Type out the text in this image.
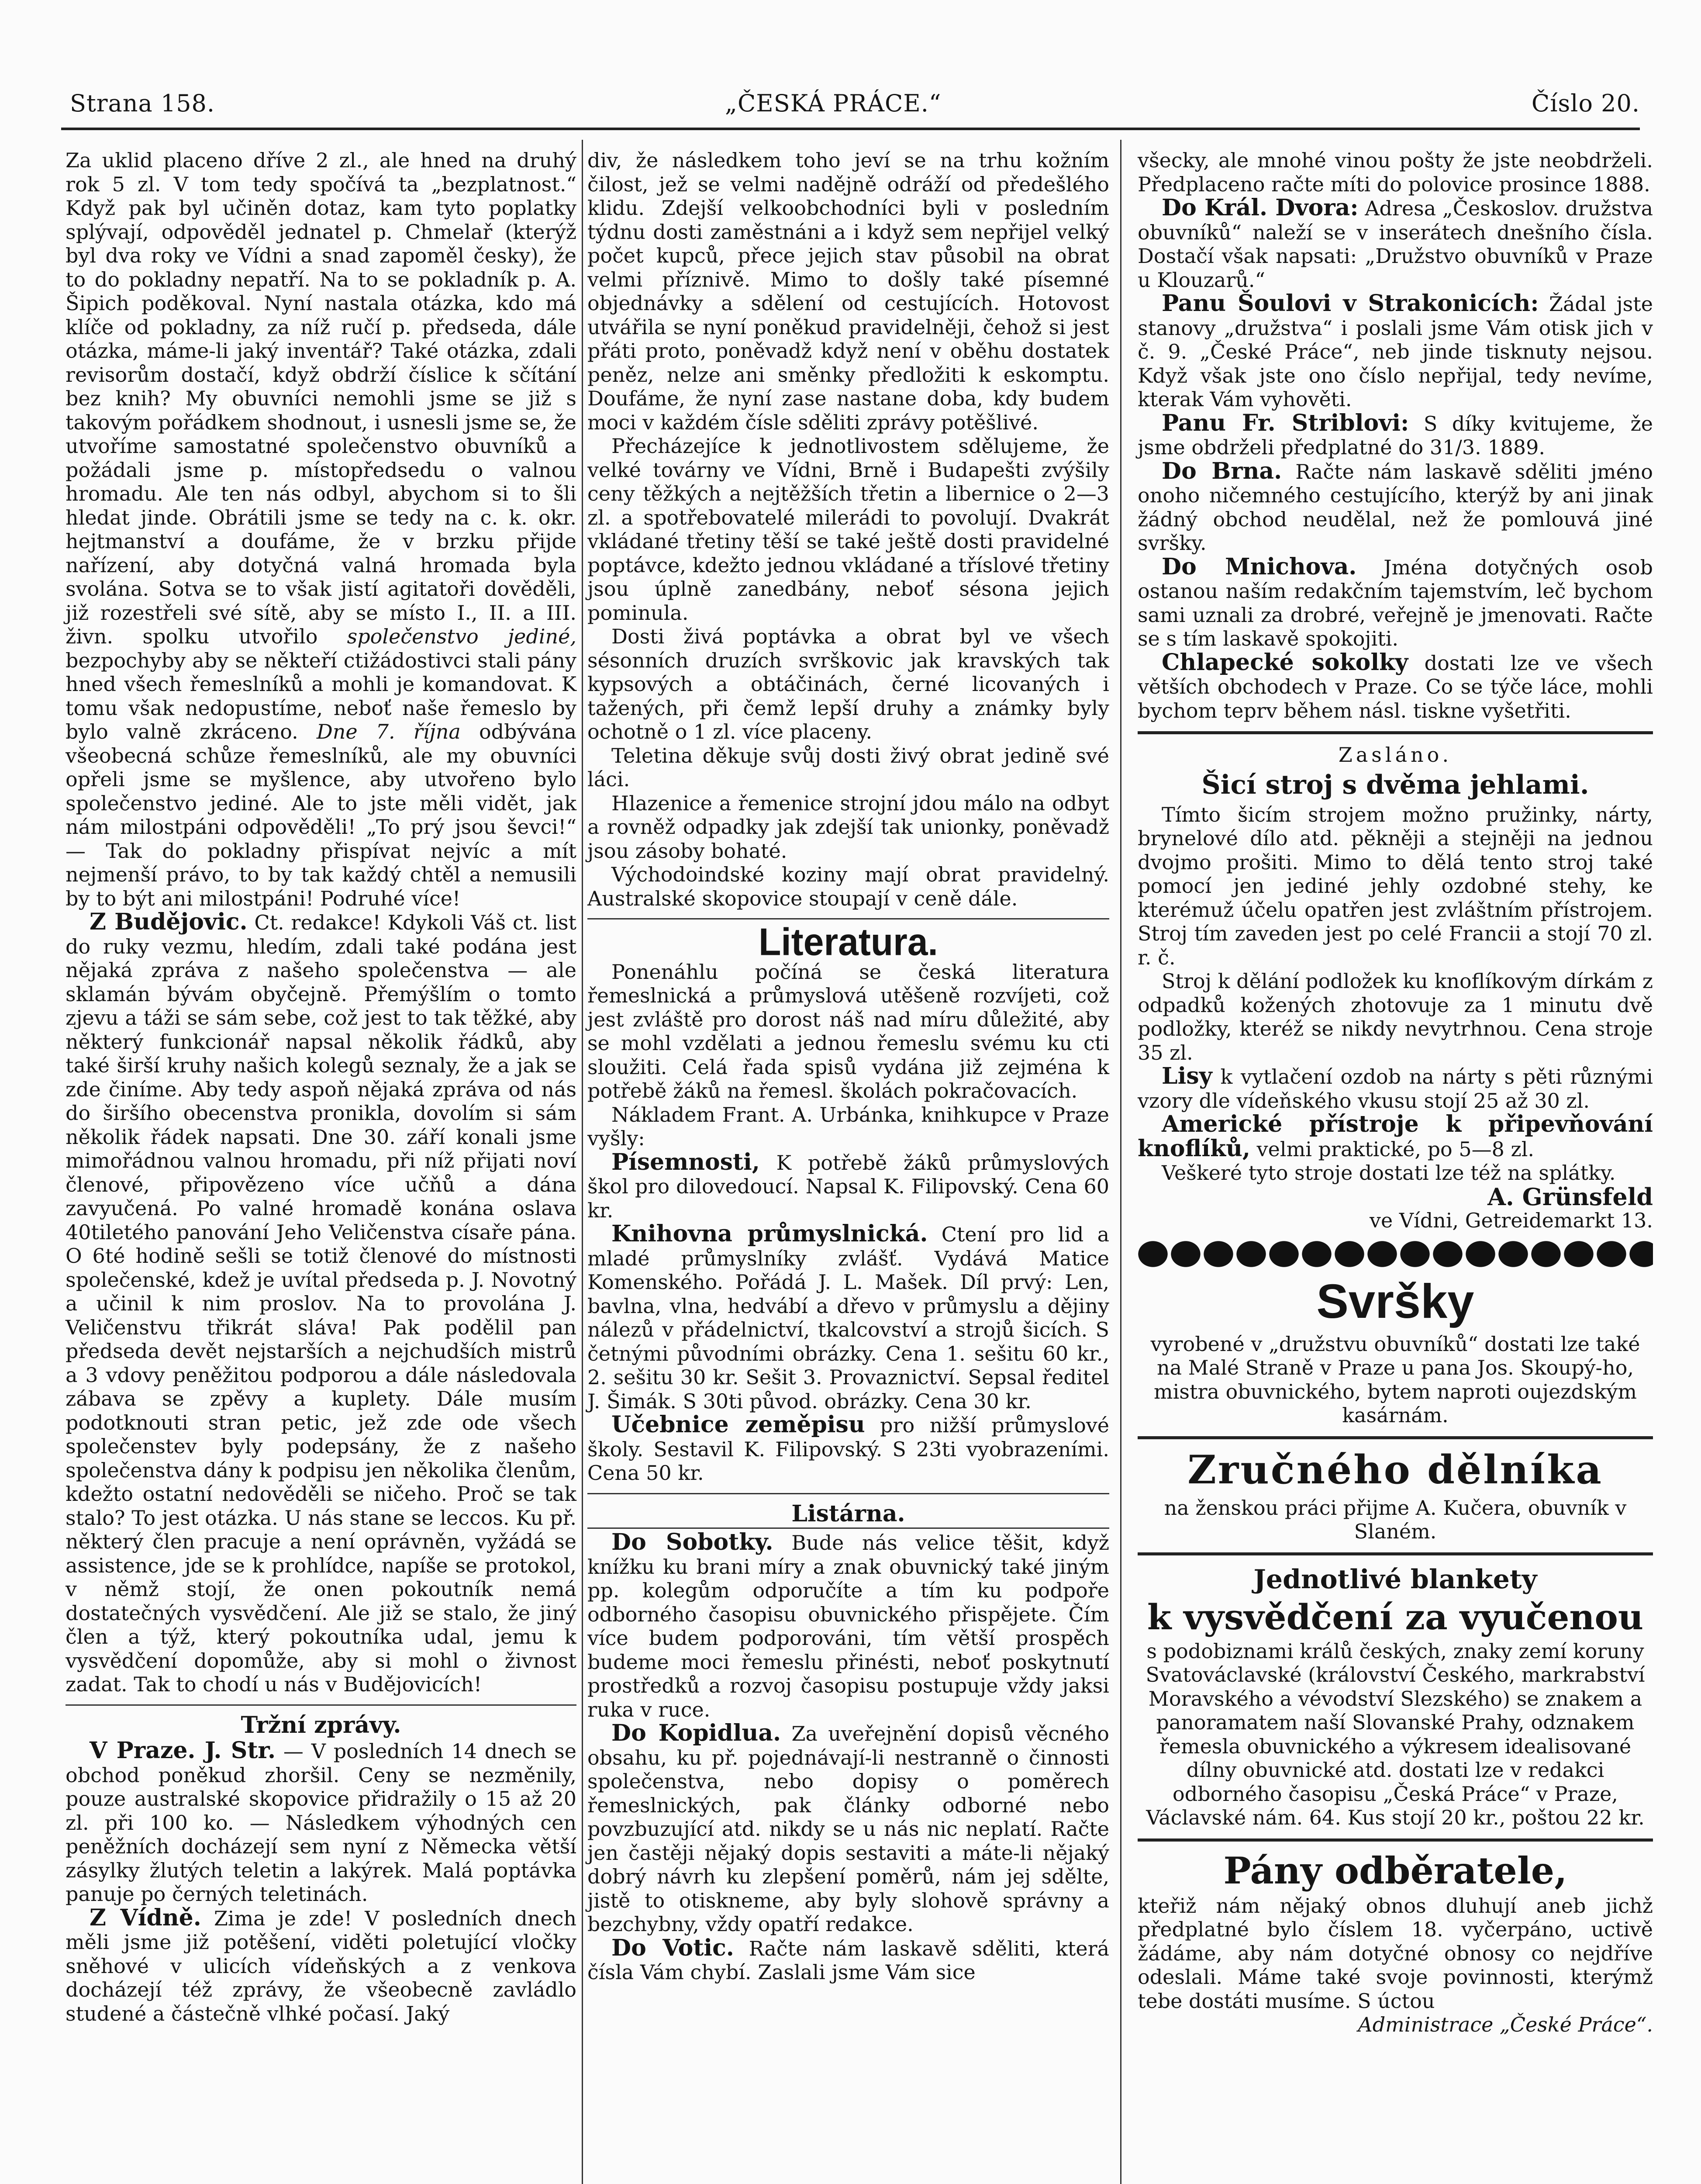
Strana 158.	„ČESKÁ PRÁCE.“	Číslo 20.

Za uklid placeno dříve 2 zl., ale hned na druhý rok 5 zl. V tom tedy spočívá ta „bezplatnost.“ Když pak byl učiněn dotaz, kam tyto poplatky splývají, odpověděl jednatel p. Chmelař (kterýž byl dva roky ve Vídni a snad zapoměl česky), že to do pokladny nepatří. Na to se pokladník p. A. Šipich poděkoval. Nyní nastala otázka, kdo má klíče od pokladny, za níž ručí p. předseda, dále otázka, máme-li jaký inventář? Také otázka, zdali revisorům dostačí, když obdrží číslice k sčítání bez knih? My obuvníci nemohli jsme se již s takovým pořádkem shodnout, i usnesli jsme se, že utvoříme samostatné společenstvo obuvníků a požádali jsme p. místopředsedu o valnou hromadu. Ale ten nás odbyl, abychom si to šli hledat jinde. Obrátili jsme se tedy na c. k. okr. hejtmanství a doufáme, že v brzku přijde nařízení, aby dotyčná valná hromada byla svolána. Sotva se to však jistí agitatoři dověděli, již rozestřeli své sítě, aby se místo I., II. a III. živn. spolku utvořilo společenstvo jediné, bezpochyby aby se někteří ctižádostivci stali pány hned všech řemeslníků a mohli je komandovat. K tomu však nedopustíme, neboť naše řemeslo by bylo valně zkráceno. Dne 7. října odbývána všeobecná schůze řemeslníků, ale my obuvníci opřeli jsme se myšlence, aby utvořeno bylo společenstvo jediné. Ale to jste měli vidět, jak nám milostpáni odpověděli! „To prý jsou ševci!“ — Tak do pokladny přispívat nejvíc a mít nejmenší právo, to by tak každý chtěl a nemusili by to být ani milostpáni! Podruhé více!

Z Budějovic. Ct. redakce! Kdykoli Váš ct. list do ruky vezmu, hledím, zdali také podána jest nějaká zpráva z našeho společenstva — ale sklamán bývám obyčejně. Přemýšlím o tomto zjevu a táži se sám sebe, což jest to tak těžké, aby některý funkcionář napsal několik řádků, aby také širší kruhy našich kolegů seznaly, že a jak se zde činíme. Aby tedy aspoň nějaká zpráva od nás do širšího obecenstva pronikla, dovolím si sám několik řádek napsati. Dne 30. září konali jsme mimořádnou valnou hromadu, při níž přijati noví členové, připovězeno více učňů a dána zavyučená. Po valné hromadě konána oslava 40tiletého panování Jeho Veličenstva císaře pána. O 6té hodině sešli se totiž členové do místnosti společenské, kdež je uvítal předseda p. J. Novotný a učinil k nim proslov. Na to provolána J. Veličenstvu třikrát sláva! Pak podělil pan předseda devět nejstarších a nejchudších mistrů a 3 vdovy peněžitou podporou a dále následovala zábava se zpěvy a kuplety. Dále musím podotknouti stran petic, jež zde ode všech společenstev byly podepsány, že z našeho společenstva dány k podpisu jen několika členům, kdežto ostatní nedověděli se ničeho. Proč se tak stalo? To jest otázka. U nás stane se leccos. Ku př. některý člen pracuje a není oprávněn, vyžádá se assistence, jde se k prohlídce, napíše se protokol, v němž stojí, že onen pokoutník nemá dostatečných vysvědčení. Ale již se stalo, že jiný člen a týž, který pokoutníka udal, jemu k vysvědčení dopomůže, aby si mohl o živnost zadat. Tak to chodí u nás v Budějovicích!

Tržní zprávy.

V Praze. J. Str. — V posledních 14 dnech se obchod poněkud zhoršil. Ceny se nezměnily, pouze australské skopovice přidražily o 15 až 20 zl. při 100 ko. — Následkem výhodných cen peněžních docházejí sem nyní z Německa větší zásylky žlutých teletin a lakýrek. Malá poptávka panuje po černých teletinách.

Z Vídně. Zima je zde! V posledních dnech měli jsme již potěšení, viděti poletující vločky sněhové v ulicích vídeňských a z venkova docházejí též zprávy, že všeobecně zavládlo studené a částečně vlhké počasí. Jaký

div, že následkem toho jeví se na trhu kožním čilost, jež se velmi nadějně odráží od předešlého klidu. Zdejší velkoobchodníci byli v posledním týdnu dosti zaměstnáni a i když sem nepřijel velký počet kupců, přece jejich stav působil na obrat velmi příznivě. Mimo to došly také písemné objednávky a sdělení od cestujících. Hotovost utvářila se nyní poněkud pravidelněji, čehož si jest přáti proto, poněvadž když není v oběhu dostatek peněz, nelze ani směnky předložiti k eskomptu. Doufáme, že nyní zase nastane doba, kdy budem moci v každém čísle sděliti zprávy potěšlivé.

Přecházejíce k jednotlivostem sdělujeme, že velké továrny ve Vídni, Brně i Budapešti zvýšily ceny těžkých a nejtěžších třetin a libernice o 2—3 zl. a spotřebovatelé milerádi to povolují. Dvakrát vkládané třetiny těší se také ještě dosti pravidelné poptávce, kdežto jednou vkládané a tříslové třetiny jsou úplně zanedbány, neboť sésona jejich pominula.

Dosti živá poptávka a obrat byl ve všech sésonních druzích svrškovic jak kravských tak kypsových a obtáčinách, černé licovaných i tažených, při čemž lepší druhy a známky byly ochotně o 1 zl. více placeny.

Teletina děkuje svůj dosti živý obrat jedině své láci.

Hlazenice a řemenice strojní jdou málo na odbyt a rovněž odpadky jak zdejší tak unionky, poněvadž jsou zásoby bohaté.

Východoindské koziny mají obrat pravidelný. Australské skopovice stoupají v ceně dále.

Literatura.

Ponenáhlu počíná se česká literatura řemeslnická a průmyslová utěšeně rozvíjeti, což jest zvláště pro dorost náš nad míru důležité, aby se mohl vzdělati a jednou řemeslu svému ku cti sloužiti. Celá řada spisů vydána již zejména k potřebě žáků na řemesl. školách pokračovacích.

Nákladem Frant. A. Urbánka, knihkupce v Praze vyšly:

Písemnosti, K potřebě žáků průmyslových škol pro dilovedoucí. Napsal K. Filipovský. Cena 60 kr.

Knihovna průmyslnická. Ctení pro lid a mladé průmyslníky zvlášť. Vydává Matice Komenského. Pořádá J. L. Mašek. Díl prvý: Len, bavlna, vlna, hedvábí a dřevo v průmyslu a dějiny nálezů v přádelnictví, tkalcovství a strojů šicích. S četnými původními obrázky. Cena 1. sešitu 60 kr., 2. sešitu 30 kr. Sešit 3. Provaznictví. Sepsal ředitel J. Šimák. S 30ti původ. obrázky. Cena 30 kr.

Učebnice zeměpisu pro nižší průmyslové školy. Sestavil K. Filipovský. S 23ti vyobrazeními. Cena 50 kr.

Listárna.

Do Sobotky. Bude nás velice těšit, když knížku ku brani míry a znak obuvnický také jiným pp. kolegům odporučíte a tím ku podpoře odborného časopisu obuvnického přispějete. Čím více budem podporováni, tím větší prospěch budeme moci řemeslu přinésti, neboť poskytnutí prostředků a rozvoj časopisu postupuje vždy jaksi ruka v ruce.

Do Kopidlua. Za uveřejnění dopisů věcného obsahu, ku př. pojednávají-li nestranně o činnosti společenstva, nebo dopisy o poměrech řemeslnických, pak články odborné nebo povzbuzující atd. nikdy se u nás nic neplatí. Račte jen častěji nějaký dopis sestaviti a máte-li nějaký dobrý návrh ku zlepšení poměrů, nám jej sdělte, jistě to otiskneme, aby byly slohově správny a bezchybny, vždy opatří redakce.

Do Votic. Račte nám laskavě sděliti, která čísla Vám chybí. Zaslali jsme Vám sice

všecky, ale mnohé vinou pošty že jste neobdrželi. Předplaceno račte míti do polovice prosince 1888.

Do Král. Dvora: Adresa „Českoslov. družstva obuvníků“ naleží se v inserátech dnešního čísla. Dostačí však napsati: „Družstvo obuvníků v Praze u Klouzarů.“

Panu Šoulovi v Strakonicích: Žádal jste stanovy „družstva“ i poslali jsme Vám otisk jich v č. 9. „České Práce“, neb jinde tisknuty nejsou. Když však jste ono číslo nepřijal, tedy nevíme, kterak Vám vyhověti.

Panu Fr. Striblovi: S díky kvitujeme, že jsme obdrželi předplatné do 31/3. 1889.

Do Brna. Račte nám laskavě sděliti jméno onoho ničemného cestujícího, kterýž by ani jinak žádný obchod neudělal, než že pomlouvá jiné svršky.

Do Mnichova. Jména dotyčných osob ostanou naším redakčním tajemstvím, leč bychom sami uznali za drobré, veřejně je jmenovati. Račte se s tím laskavě spokojiti.

Chlapecké sokolky dostati lze ve všech větších obchodech v Praze. Co se týče láce, mohli bychom teprv během násl. tiskne vyšetřiti.

Zasláno.
Šicí stroj s dvěma jehlami.

Tímto šicím strojem možno pružinky, nárty, brynelové dílo atd. pěkněji a stejněji na jednou dvojmo prošiti. Mimo to dělá tento stroj také pomocí jen jediné jehly ozdobné stehy, ke kterémuž účelu opatřen jest zvláštním přístrojem. Stroj tím zaveden jest po celé Francii a stojí 70 zl. r. č.

Stroj k dělání podložek ku knoflíkovým dírkám z odpadků kožených zhotovuje za 1 minutu dvě podložky, kteréž se nikdy nevytrhnou. Cena stroje 35 zl.

Lisy k vytlačení ozdob na nárty s pěti různými vzory dle vídeňského vkusu stojí 25 až 30 zl.

Americké přístroje k připevňování knoflíků, velmi praktické, po 5—8 zl.

Veškeré tyto stroje dostati lze též na splátky.

A. Grünsfeld
ve Vídni, Getreidemarkt 13.
Svršky

vyrobené v „družstvu obuvníků“ dostati lze také na Malé Straně v Praze u pana Jos. Skoupý-ho, mistra obuvnického, bytem naproti oujezdským kasárnám.

Zručného dělníka

na ženskou práci přijme A. Kučera, obuvník v Slaném.

Jednotlivé blankety
k vysvědčení za vyučenou

s podobiznami králů českých, znaky zemí koruny Svatováclavské (království Českého, markrabství Moravského a vévodství Slezského) se znakem a panoramatem naší Slovanské Prahy, odznakem řemesla obuvnického a výkresem idealisované dílny obuvnické atd. dostati lze v redakci odborného časopisu „Česká Práce“ v Praze, Václavské nám. 64. Kus stojí 20 kr., poštou 22 kr.

Pány odběratele,

kteřiž nám nějaký obnos dluhují aneb jichž předplatné bylo číslem 18. vyčerpáno, uctivě žádáme, aby nám dotyčné obnosy co nejdříve odeslali. Máme také svoje povinnosti, kterýmž tebe dostáti musíme. S úctou

Administrace „České Práce“.
